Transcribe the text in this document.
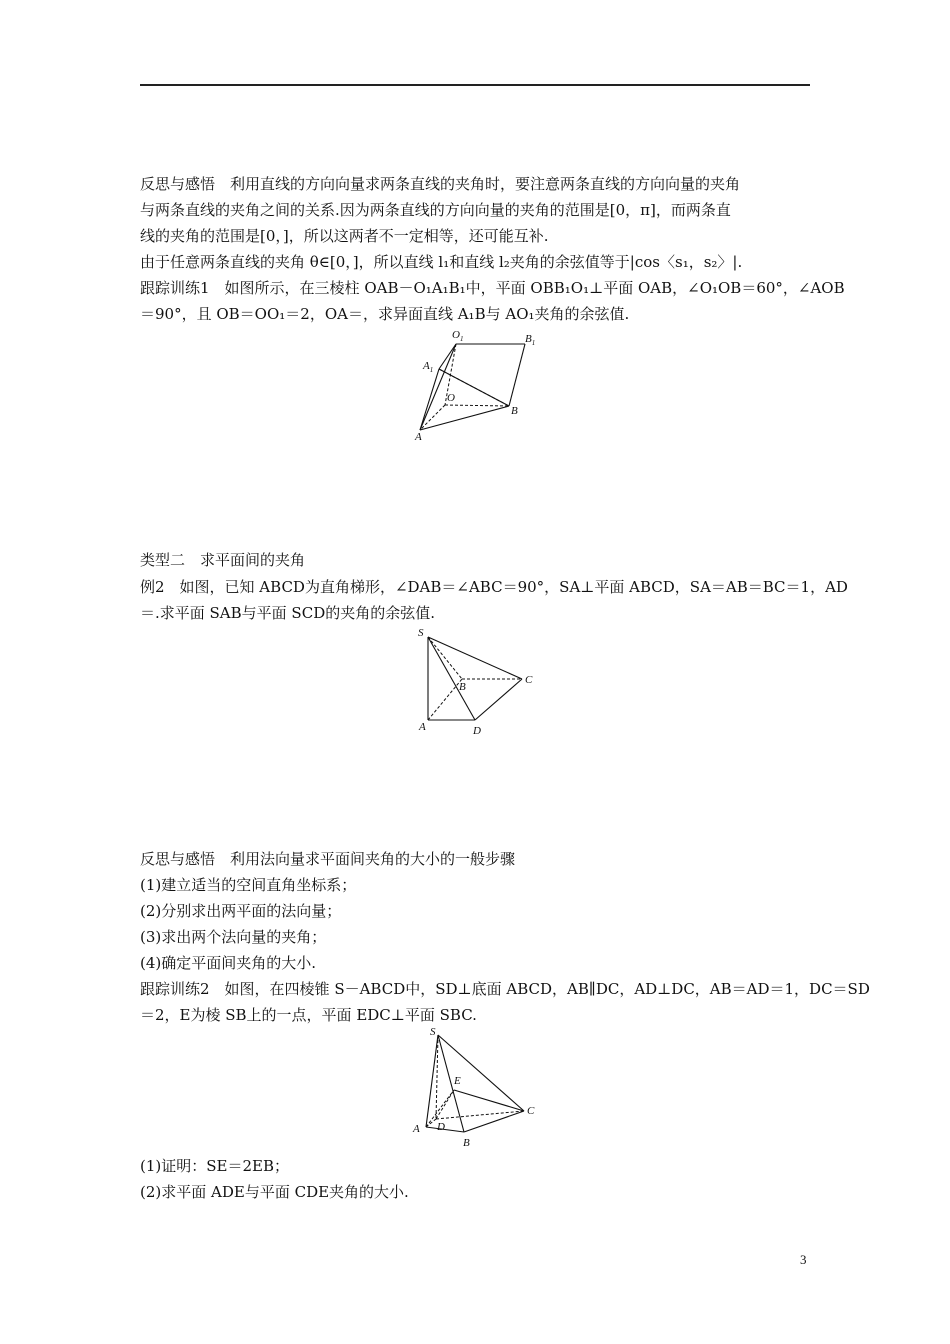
反思与感悟　利用直线的方向向量求两条直线的夹角时，要注意两条直线的方向向量的夹角
与两条直线的夹角之间的关系.因为两条直线的方向向量的夹角的范围是[0，π]，而两条直
线的夹角的范围是[0，]，所以这两者不一定相等，还可能互补.
由于任意两条直线的夹角 θ∈[0，]，所以直线 l₁和直线 l₂夹角的余弦值等于|cos〈s₁，s₂〉|.
跟踪训练1　如图所示，在三棱柱 OAB－O₁A₁B₁中，平面 OBB₁O₁⊥平面 OAB，∠O₁OB＝60°，∠AOB
＝90°，且 OB＝OO₁＝2，OA＝，求异面直线 A₁B与 AO₁夹角的余弦值.
$O_1$	$B_1$
$A_1$
O
B
A
类型二　求平面间的夹角
例2　如图，已知 ABCD为直角梯形，∠DAB＝∠ABC＝90°，SA⊥平面 ABCD，SA＝AB＝BC＝1，AD
＝.求平面 SAB与平面 SCD的夹角的余弦值.
S
B
C
A	D
反思与感悟　利用法向量求平面间夹角的大小的一般步骤
(1)建立适当的空间直角坐标系；
(2)分别求出两平面的法向量；
(3)求出两个法向量的夹角；
(4)确定平面间夹角的大小.
跟踪训练2　如图，在四棱锥 S－ABCD中，SD⊥底面 ABCD，AB∥DC，AD⊥DC，AB＝AD＝1，DC＝SD
＝2，E为棱 SB上的一点，平面 EDC⊥平面 SBC.
S
E
C
A D
B
(1)证明：SE＝2EB；
(2)求平面 ADE与平面 CDE夹角的大小.
3
